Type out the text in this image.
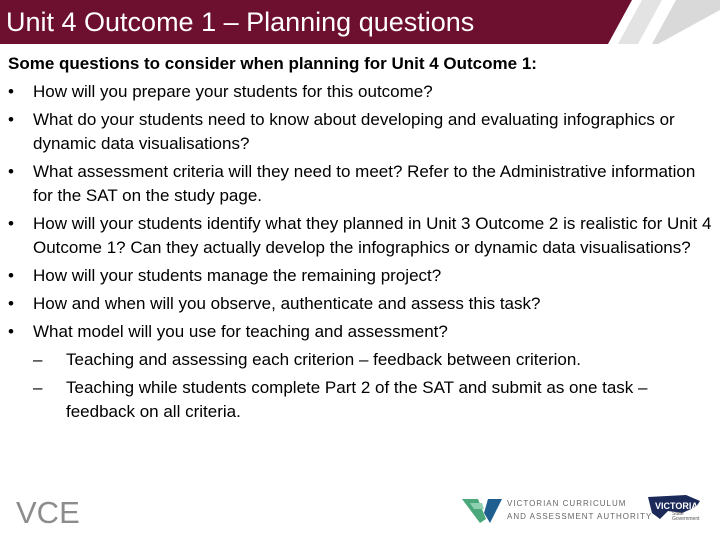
Unit 4 Outcome 1 – Planning questions

Some questions to consider when planning for Unit 4 Outcome 1:

•	How will you prepare your students for this outcome?
•	What do your students need to know about developing and evaluating infographics or dynamic data visualisations?
•	What assessment criteria will they need to meet? Refer to the Administrative information for the SAT on the study page.
•	How will your students identify what they planned in Unit 3 Outcome 2 is realistic for Unit 4 Outcome 1? Can they actually develop the infographics or dynamic data visualisations?
•	How will your students manage the remaining project?
•	How and when will you observe, authenticate and assess this task?
•	What model will you use for teaching and assessment?
–	Teaching and assessing each criterion – feedback between criterion.
–	Teaching while students complete Part 2 of the SAT and submit as one task – feedback on all criteria.
VCE	VICTORIAN CURRICULUM
AND ASSESSMENT AUTHORITY
VICTORIA
State
Government
